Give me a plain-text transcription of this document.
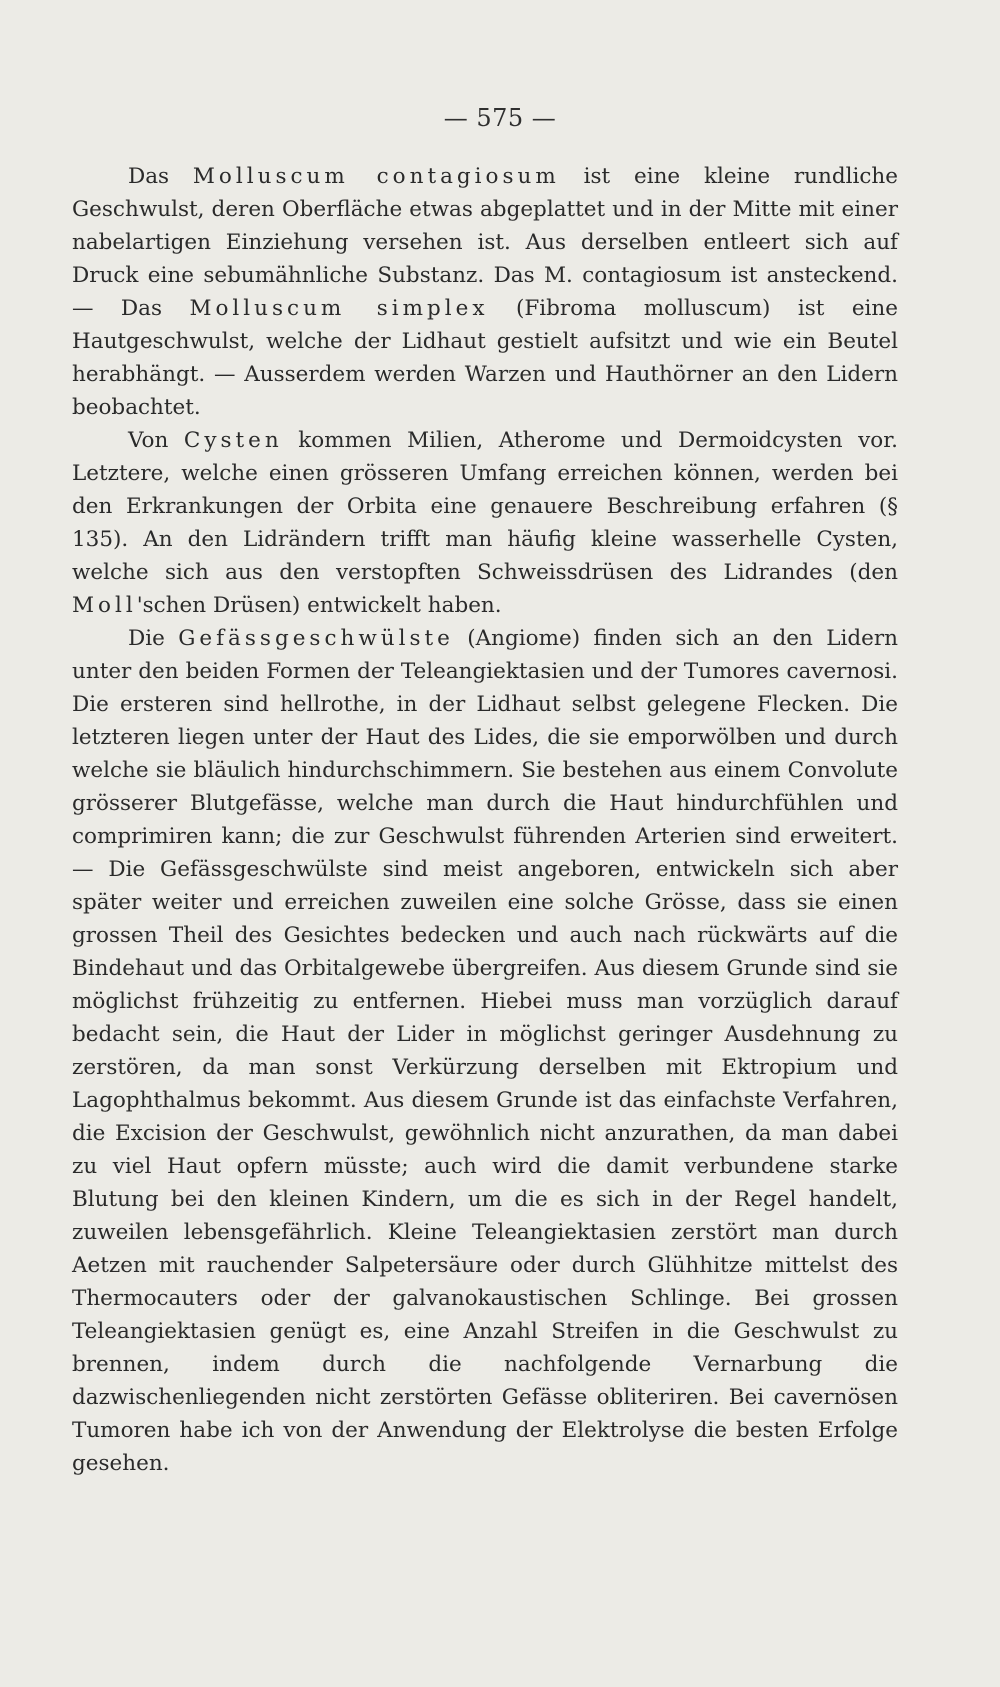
— 575 —

Das Molluscum contagiosum ist eine kleine rundliche Geschwulst, deren Oberfläche etwas abgeplattet und in der Mitte mit einer nabelartigen Einziehung versehen ist. Aus derselben entleert sich auf Druck eine sebumähnliche Substanz. Das M. contagiosum ist ansteckend. — Das Molluscum simplex (Fibroma molluscum) ist eine Hautgeschwulst, welche der Lidhaut gestielt aufsitzt und wie ein Beutel herabhängt. — Ausserdem werden Warzen und Hauthörner an den Lidern beobachtet.

Von Cysten kommen Milien, Atherome und Dermoidcysten vor. Letztere, welche einen grösseren Umfang erreichen können, werden bei den Erkrankungen der Orbita eine genauere Beschreibung erfahren (§ 135). An den Lidrändern trifft man häufig kleine wasserhelle Cysten, welche sich aus den verstopften Schweissdrüsen des Lidrandes (den Moll'schen Drüsen) entwickelt haben.

Die Gefässgeschwülste (Angiome) finden sich an den Lidern unter den beiden Formen der Teleangiektasien und der Tumores cavernosi. Die ersteren sind hellrothe, in der Lidhaut selbst gelegene Flecken. Die letzteren liegen unter der Haut des Lides, die sie emporwölben und durch welche sie bläulich hindurchschimmern. Sie bestehen aus einem Convolute grösserer Blutgefässe, welche man durch die Haut hindurchfühlen und comprimiren kann; die zur Geschwulst führenden Arterien sind erweitert. — Die Gefässgeschwülste sind meist angeboren, entwickeln sich aber später weiter und erreichen zuweilen eine solche Grösse, dass sie einen grossen Theil des Gesichtes bedecken und auch nach rückwärts auf die Bindehaut und das Orbitalgewebe übergreifen. Aus diesem Grunde sind sie möglichst frühzeitig zu entfernen. Hiebei muss man vorzüglich darauf bedacht sein, die Haut der Lider in möglichst geringer Ausdehnung zu zerstören, da man sonst Verkürzung derselben mit Ektropium und Lagophthalmus bekommt. Aus diesem Grunde ist das einfachste Verfahren, die Excision der Geschwulst, gewöhnlich nicht anzurathen, da man dabei zu viel Haut opfern müsste; auch wird die damit verbundene starke Blutung bei den kleinen Kindern, um die es sich in der Regel handelt, zuweilen lebensgefährlich. Kleine Teleangiektasien zerstört man durch Aetzen mit rauchender Salpetersäure oder durch Glühhitze mittelst des Thermocauters oder der galvanokaustischen Schlinge. Bei grossen Teleangiektasien genügt es, eine Anzahl Streifen in die Geschwulst zu brennen, indem durch die nachfolgende Vernarbung die dazwischenliegenden nicht zerstörten Gefässe obliteriren. Bei cavernösen Tumoren habe ich von der Anwendung der Elektrolyse die besten Erfolge gesehen.
